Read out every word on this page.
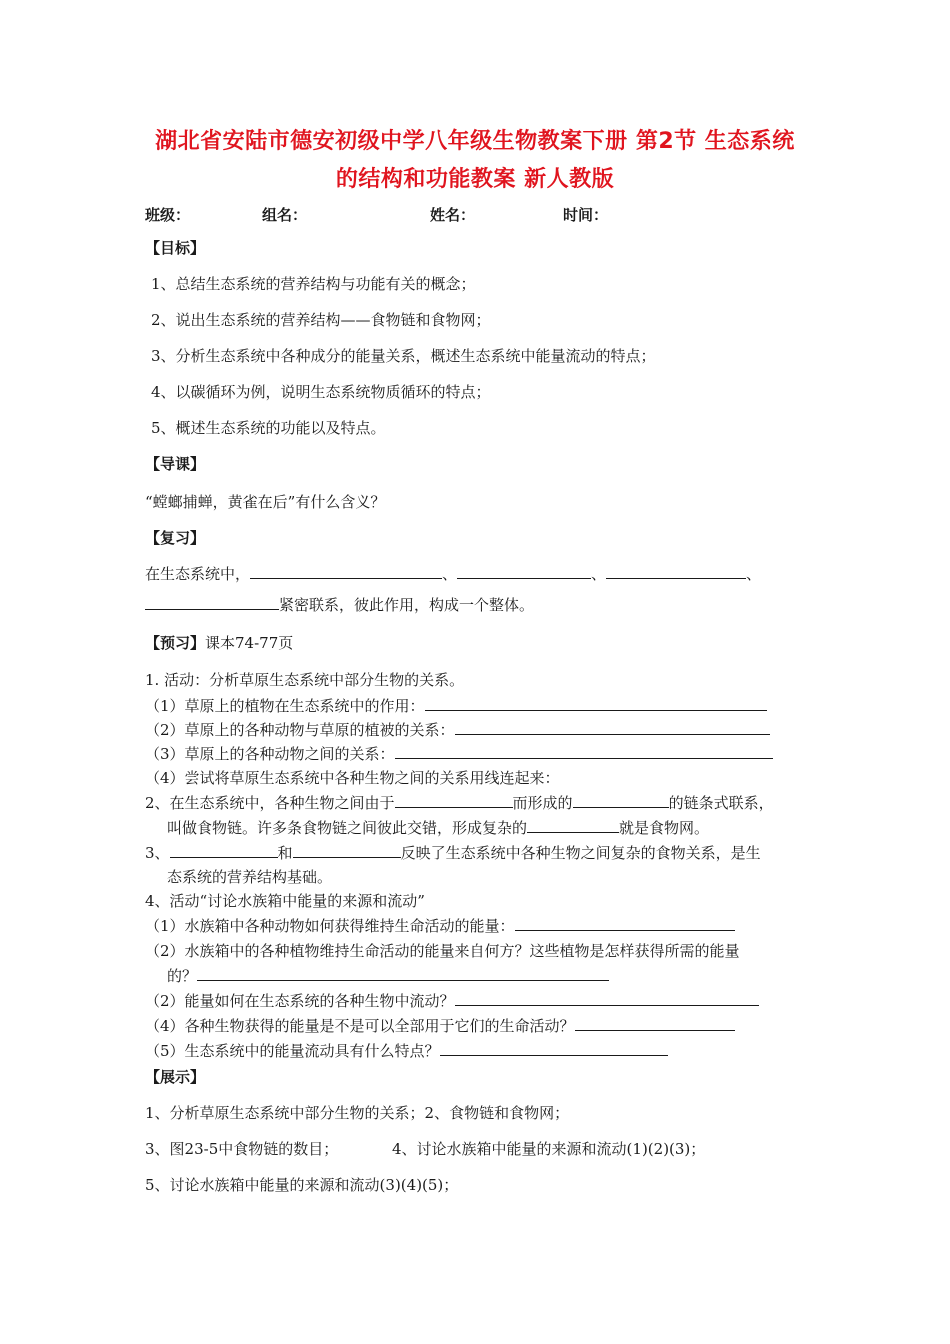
湖北省安陆市德安初级中学八年级生物教案下册 第2节 生态系统
的结构和功能教案 新人教版
班级：	组名：	姓名：	时间：
【目标】
1、总结生态系统的营养结构与功能有关的概念；
2、说出生态系统的营养结构——食物链和食物网；
3、分析生态系统中各种成分的能量关系，概述生态系统中能量流动的特点；
4、以碳循环为例，说明生态系统物质循环的特点；
5、概述生态系统的功能以及特点。
【导课】
“螳螂捕蝉，黄雀在后”有什么含义？
【复习】
在生态系统中，	、	、	、
紧密联系，彼此作用，构成一个整体。
【预习】课本74-77页
1. 活动：分析草原生态系统中部分生物的关系。
（1）草原上的植物在生态系统中的作用：
（2）草原上的各种动物与草原的植被的关系：
（3）草原上的各种动物之间的关系：
（4）尝试将草原生态系统中各种生物之间的关系用线连起来：
2、在生态系统中，各种生物之间由于	而形成的	的链条式联系，
叫做食物链。许多条食物链之间彼此交错，形成复杂的	就是食物网。
3、	和	反映了生态系统中各种生物之间复杂的食物关系，是生
态系统的营养结构基础。
4、活动“讨论水族箱中能量的来源和流动”
（1）水族箱中各种动物如何获得维持生命活动的能量：
（2）水族箱中的各种植物维持生命活动的能量来自何方？这些植物是怎样获得所需的能量
的？
（2）能量如何在生态系统的各种生物中流动？
（4）各种生物获得的能量是不是可以全部用于它们的生命活动？
（5）生态系统中的能量流动具有什么特点？
【展示】
1、分析草原生态系统中部分生物的关系；2、食物链和食物网；
3、图23-5中食物链的数目；	4、讨论水族箱中能量的来源和流动(1)(2)(3)；
5、讨论水族箱中能量的来源和流动(3)(4)(5)；
